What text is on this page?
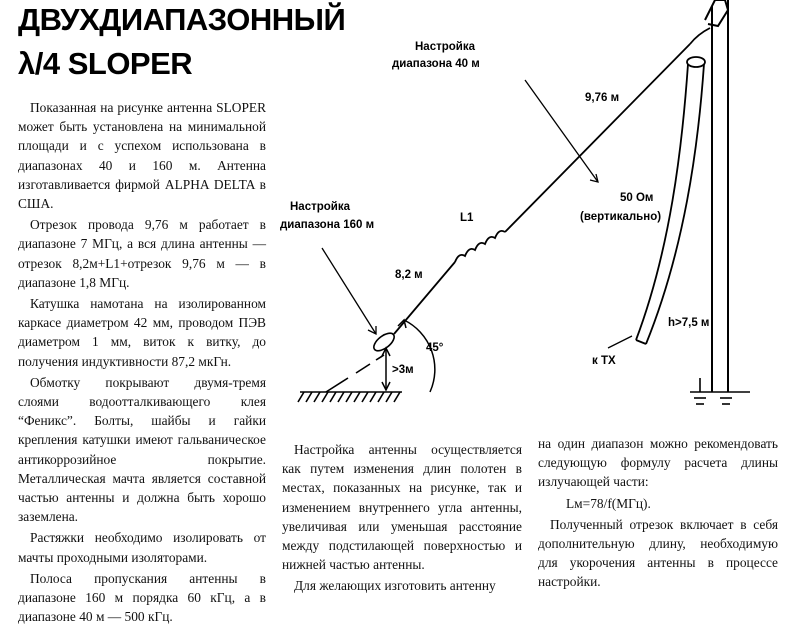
ДВУХДИАПАЗОННЫЙ
λ/4 SLOPER

Показанная на рисунке антенна SLOPER может быть установлена на минимальной площади и с успехом использована в диапазонах 40 и 160 м. Антенна изготавливается фирмой ALPHA DELTA в США.

Отрезок провода 9,76 м работает в диапазоне 7 МГц, а вся длина антенны — отрезок 8,2м+L1+отрезок 9,76 м — в диапазоне 1,8 МГц.

Катушка намотана на изолированном каркасе диаметром 42 мм, проводом ПЭВ диаметром 1 мм, виток к витку, до получения индуктивности 87,2 мкГн.

Обмотку покрывают двумя-тремя слоями водоотталкивающего клея “Феникс”. Болты, шайбы и гайки крепления катушки имеют гальваническое антикоррозийное покрытие. Металлическая мачта является составной частью антенны и должна быть хорошо заземлена.

Растяжки необходимо изолировать от мачты проходными изоляторами.

Полоса пропускания антенны в диапазоне 160 м порядка 60 кГц, а в диапазоне 40 м — 500 кГц.

Настройка антенны осуществляется как путем изменения длин полотен в местах, показанных на рисунке, так и изменением внутреннего угла антенны, увеличивая или уменьшая расстояние между подстилающей поверхностью и нижней частью антенны.

Для желающих изготовить антенну

на один диапазон можно рекомендовать следующую формулу расчета длины излучающей части:

Lм=78/f(МГц).

Полученный отрезок включает в себя дополнительную длину, необходимую для укорочения антенны в процессе настройки.

Настройка
диапазона 40 м
9,76 м
L1
Настройка
диапазона 160 м
8,2 м
50 Ом
(вертикально)
45°
>3м
к ТХ
h>7,5 м
